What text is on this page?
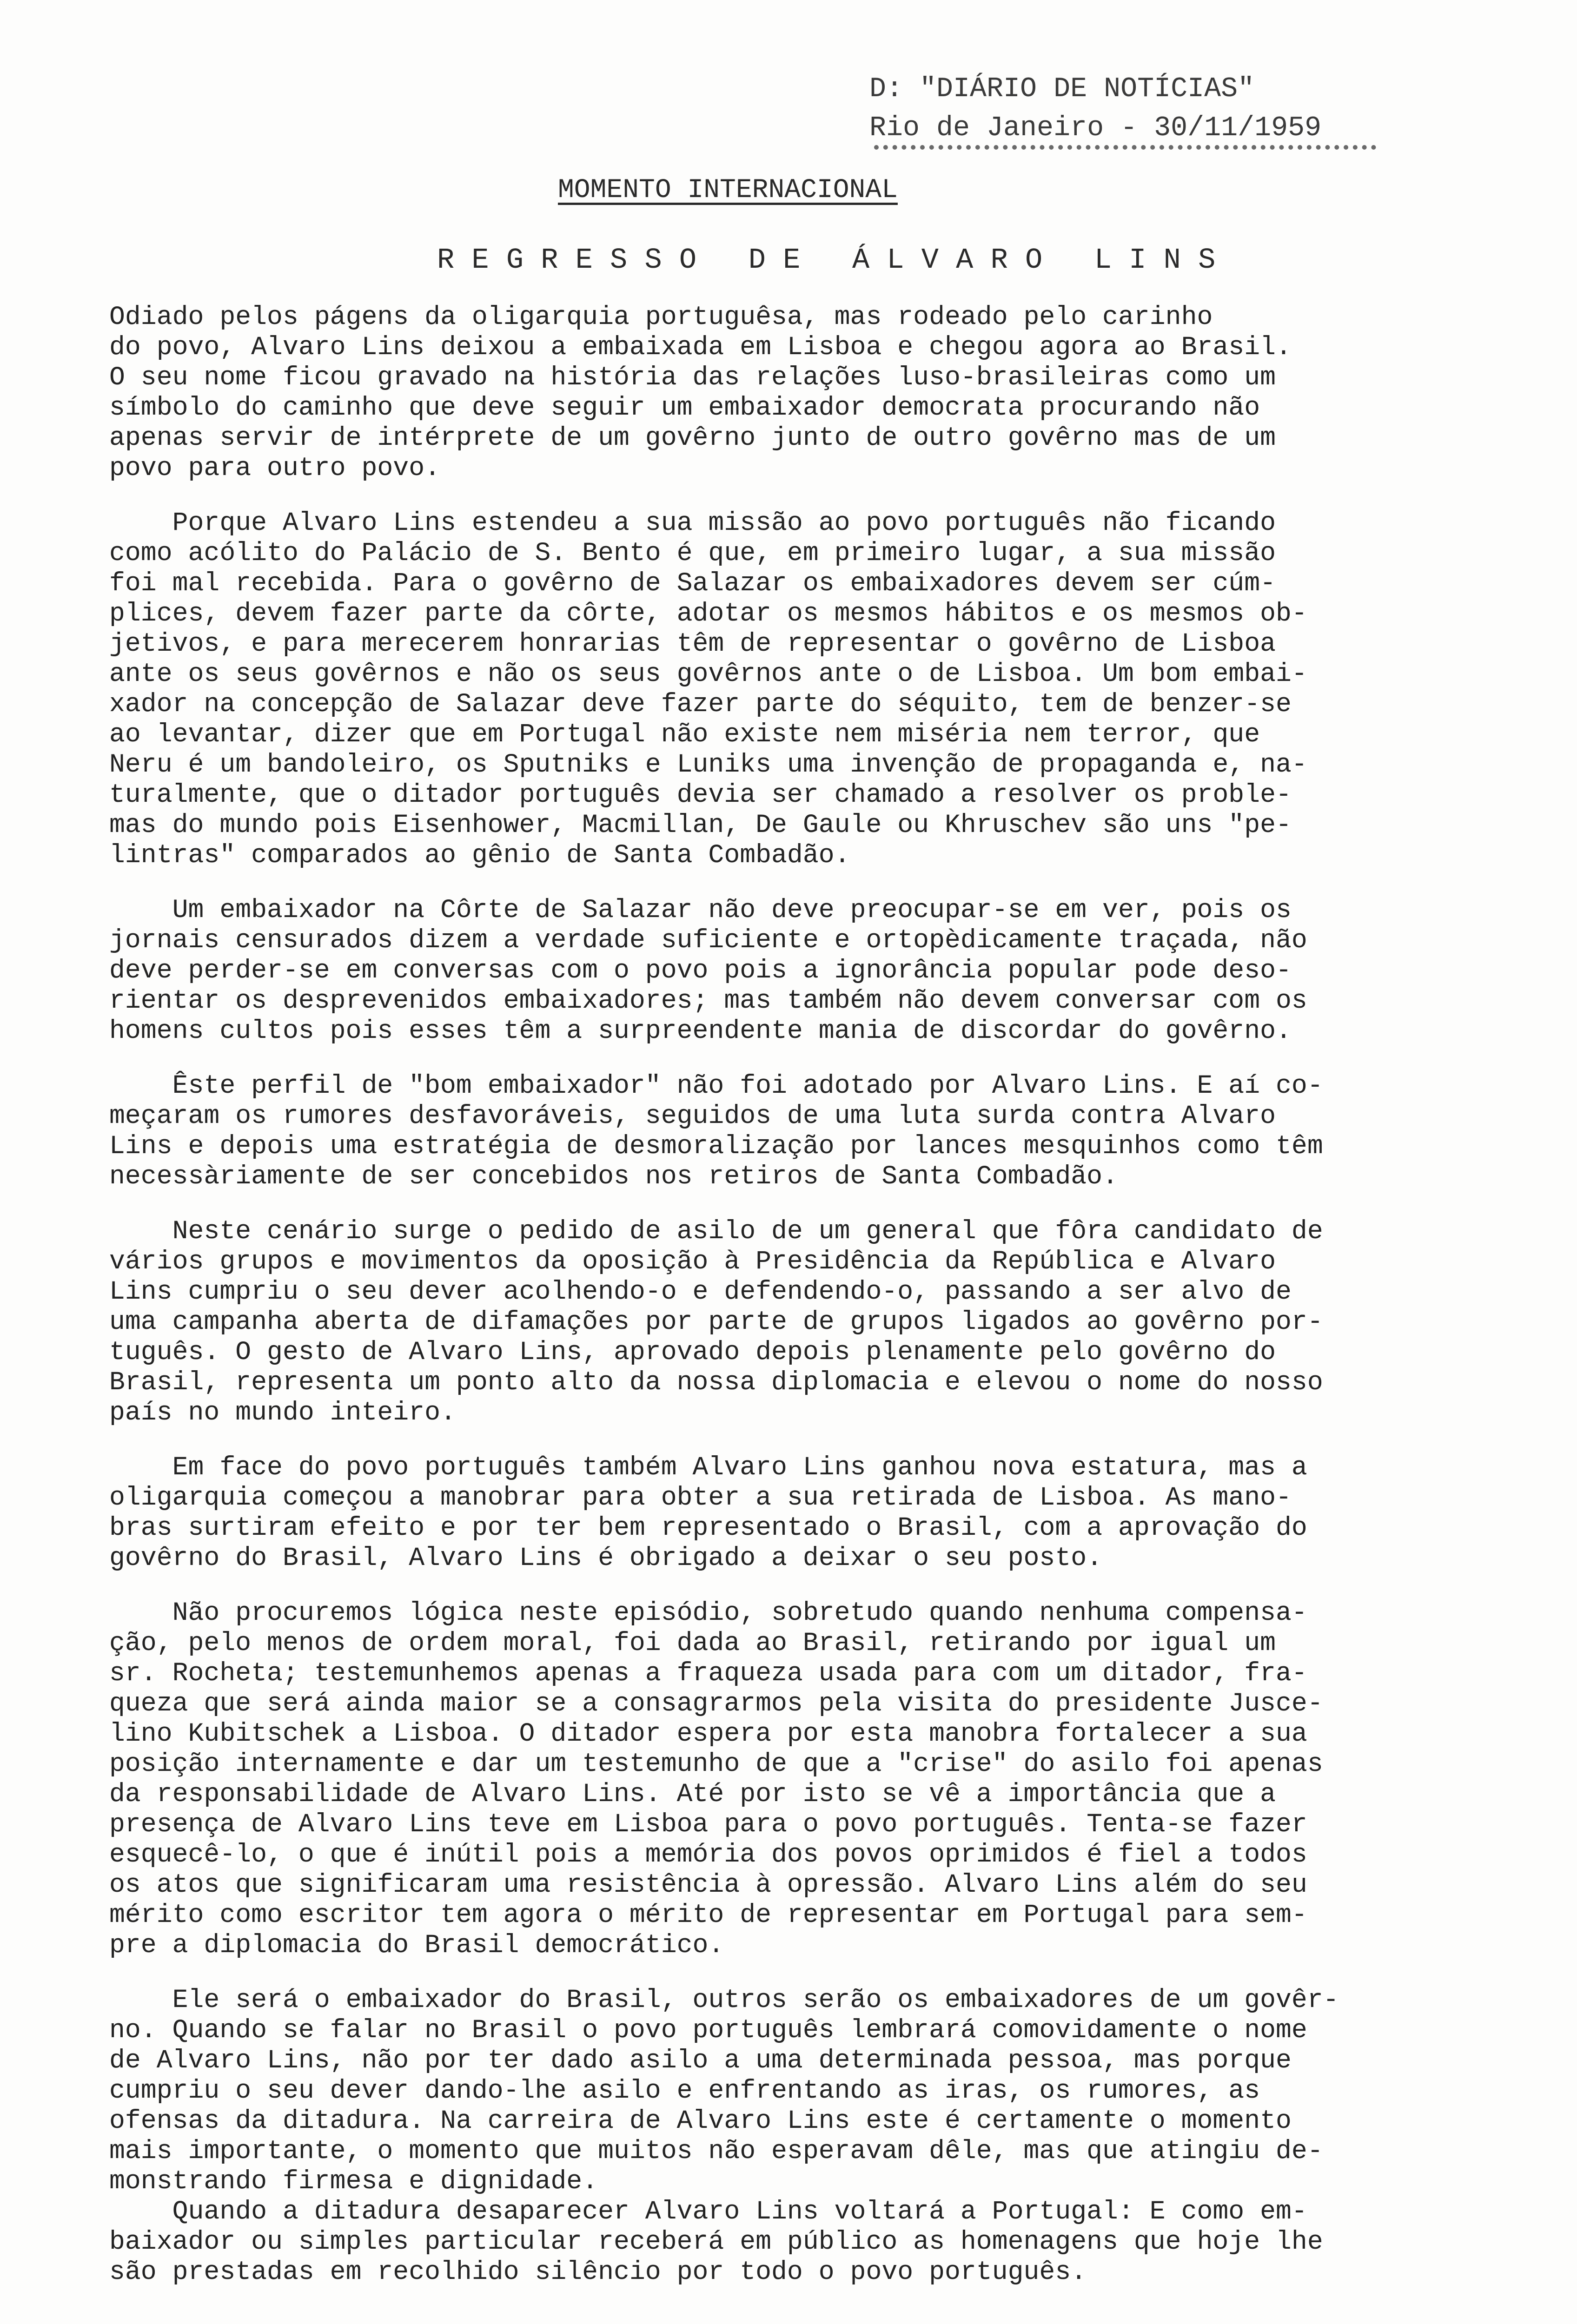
D: "DIÁRIO DE NOTÍCIAS"
Rio de Janeiro - 30/11/1959
MOMENTO INTERNACIONAL
R E G R E S S O   D E   Á L V A R O   L I N S
Odiado pelos págens da oligarquia portuguêsa, mas rodeado pelo carinho
do povo, Alvaro Lins deixou a embaixada em Lisboa e chegou agora ao Brasil.
O seu nome ficou gravado na história das relações luso-brasileiras como um
símbolo do caminho que deve seguir um embaixador democrata procurando não
apenas servir de intérprete de um govêrno junto de outro govêrno mas de um
povo para outro povo.
Porque Alvaro Lins estendeu a sua missão ao povo português não ficando
como acólito do Palácio de S. Bento é que, em primeiro lugar, a sua missão
foi mal recebida. Para o govêrno de Salazar os embaixadores devem ser cúm-
plices, devem fazer parte da côrte, adotar os mesmos hábitos e os mesmos ob-
jetivos, e para merecerem honrarias têm de representar o govêrno de Lisboa
ante os seus govêrnos e não os seus govêrnos ante o de Lisboa. Um bom embai-
xador na concepção de Salazar deve fazer parte do séquito, tem de benzer-se
ao levantar, dizer que em Portugal não existe nem miséria nem terror, que
Neru é um bandoleiro, os Sputniks e Luniks uma invenção de propaganda e, na-
turalmente, que o ditador português devia ser chamado a resolver os proble-
mas do mundo pois Eisenhower, Macmillan, De Gaule ou Khruschev são uns "pe-
lintras" comparados ao gênio de Santa Combadão.
Um embaixador na Côrte de Salazar não deve preocupar-se em ver, pois os
jornais censurados dizem a verdade suficiente e ortopèdicamente traçada, não
deve perder-se em conversas com o povo pois a ignorância popular pode deso-
rientar os desprevenidos embaixadores; mas também não devem conversar com os
homens cultos pois esses têm a surpreendente mania de discordar do govêrno.
Êste perfil de "bom embaixador" não foi adotado por Alvaro Lins. E aí co-
meçaram os rumores desfavoráveis, seguidos de uma luta surda contra Alvaro
Lins e depois uma estratégia de desmoralização por lances mesquinhos como têm
necessàriamente de ser concebidos nos retiros de Santa Combadão.
Neste cenário surge o pedido de asilo de um general que fôra candidato de
vários grupos e movimentos da oposição à Presidência da República e Alvaro
Lins cumpriu o seu dever acolhendo-o e defendendo-o, passando a ser alvo de
uma campanha aberta de difamações por parte de grupos ligados ao govêrno por-
tuguês. O gesto de Alvaro Lins, aprovado depois plenamente pelo govêrno do
Brasil, representa um ponto alto da nossa diplomacia e elevou o nome do nosso
país no mundo inteiro.
Em face do povo português também Alvaro Lins ganhou nova estatura, mas a
oligarquia começou a manobrar para obter a sua retirada de Lisboa. As mano-
bras surtiram efeito e por ter bem representado o Brasil, com a aprovação do
govêrno do Brasil, Alvaro Lins é obrigado a deixar o seu posto.
Não procuremos lógica neste episódio, sobretudo quando nenhuma compensa-
ção, pelo menos de ordem moral, foi dada ao Brasil, retirando por igual um
sr. Rocheta; testemunhemos apenas a fraqueza usada para com um ditador, fra-
queza que será ainda maior se a consagrarmos pela visita do presidente Jusce-
lino Kubitschek a Lisboa. O ditador espera por esta manobra fortalecer a sua
posição internamente e dar um testemunho de que a "crise" do asilo foi apenas
da responsabilidade de Alvaro Lins. Até por isto se vê a importância que a
presença de Alvaro Lins teve em Lisboa para o povo português. Tenta-se fazer
esquecê-lo, o que é inútil pois a memória dos povos oprimidos é fiel a todos
os atos que significaram uma resistência à opressão. Alvaro Lins além do seu
mérito como escritor tem agora o mérito de representar em Portugal para sem-
pre a diplomacia do Brasil democrático.
Ele será o embaixador do Brasil, outros serão os embaixadores de um govêr-
no. Quando se falar no Brasil o povo português lembrará comovidamente o nome
de Alvaro Lins, não por ter dado asilo a uma determinada pessoa, mas porque
cumpriu o seu dever dando-lhe asilo e enfrentando as iras, os rumores, as
ofensas da ditadura. Na carreira de Alvaro Lins este é certamente o momento
mais importante, o momento que muitos não esperavam dêle, mas que atingiu de-
monstrando firmesa e dignidade.
Quando a ditadura desaparecer Alvaro Lins voltará a Portugal: E como em-
baixador ou simples particular receberá em público as homenagens que hoje lhe
são prestadas em recolhido silêncio por todo o povo português.
